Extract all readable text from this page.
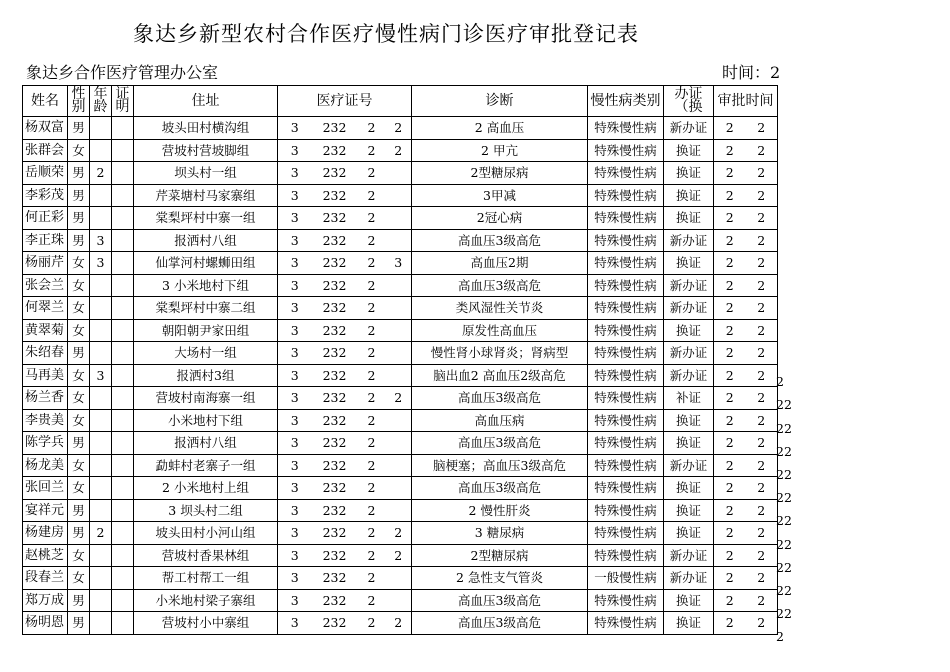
象达乡新型农村合作医疗慢性病门诊医疗审批登记表
象达乡合作医疗管理办公室	时间：2
姓名	性别	年龄	证明	住址	医疗证号				诊断	慢性病类别	办证（换	审批时间	
杨双富	男			坡头田村横沟组	3	232	2	2	2 高血压	特殊慢性病	新办证	2	2
张群会	女			营坡村营坡脚组	3	232	2	2	2 甲亢	特殊慢性病	换证	2	2
岳顺荣	男	2		坝头村一组	3	232	2		2型糖尿病	特殊慢性病	换证	2	2
李彩茂	男			芹菜塘村马家寨组	3	232	2		3甲减	特殊慢性病	换证	2	2
何正彩	男			棠梨坪村中寨一组	3	232	2		2冠心病	特殊慢性病	换证	2	2
李正珠	男	3		报洒村八组	3	232	2		高血压3级高危	特殊慢性病	新办证	2	2
杨丽芹	女	3		仙掌河村螺蛳田组	3	232	2	3	高血压2期	特殊慢性病	换证	2	2
张会兰	女			3 小米地村下组	3	232	2		高血压3级高危	特殊慢性病	新办证	2	2
何翠兰	女			棠梨坪村中寨二组	3	232	2		类风湿性关节炎	特殊慢性病	新办证	2	2
黄翠菊	女			朝阳朝尹家田组	3	232	2		原发性高血压	特殊慢性病	换证	2	2
朱绍春	男			大场村一组	3	232	2		慢性肾小球肾炎；肾病型	特殊慢性病	新办证	2	2
马再美	女	3		报洒村3组	3	232	2		脑出血2 高血压2级高危	特殊慢性病	新办证	2	2
杨兰香	女			营坡村南海寨一组	3	232	2	2	高血压3级高危	特殊慢性病	补证	2	2
李贵美	女			小米地村下组	3	232	2		高血压病	特殊慢性病	换证	2	2
陈学兵	男			报洒村八组	3	232	2		高血压3级高危	特殊慢性病	换证	2	2
杨龙美	女			勐蚌村老寨子一组	3	232	2		脑梗塞；高血压3级高危	特殊慢性病	新办证	2	2
张回兰	女			2 小米地村上组	3	232	2		高血压3级高危	特殊慢性病	换证	2	2
宴祥元	男			3 坝头村二组	3	232	2		2 慢性肝炎	特殊慢性病	换证	2	2
杨建房	男	2		坡头田村小河山组	3	232	2	2	3 糖尿病	特殊慢性病	换证	2	2
赵桃芝	女			营坡村香果林组	3	232	2	2	2型糖尿病	特殊慢性病	新办证	2	2
段春兰	女			帮工村帮工一组	3	232	2		2 急性支气管炎	一般慢性病	新办证	2	2
郑万成	男			小米地村梁子寨组	3	232	2		高血压3级高危	特殊慢性病	换证	2	2
杨明恩	男			营坡村小中寨组	3	232	2	2	高血压3级高危	特殊慢性病	换证	2	2
2
22
22
22
22
22
22
22
22
22
22
2
